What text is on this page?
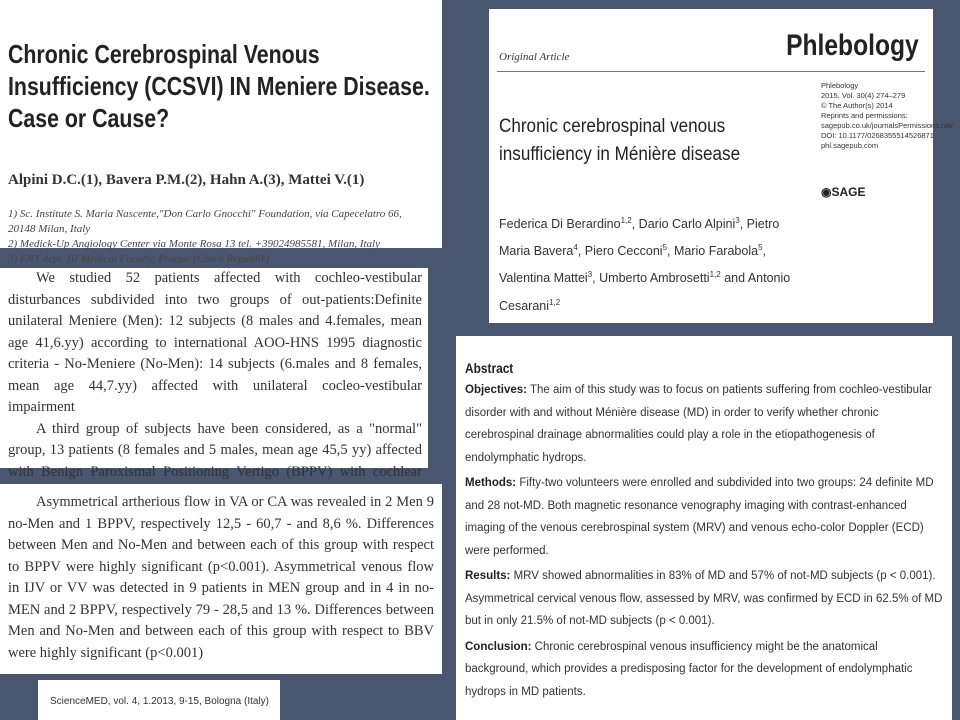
Chronic Cerebrospinal Venous Insufficiency (CCSVI) IN Meniere Disease. Case or Cause?
Alpini D.C.(1), Bavera P.M.(2), Hahn A.(3), Mattei V.(1)
1) Sc. Institute S. Maria Nascente,"Don Carlo Gnocchi" Foundation, via Capecelatro 66, 20148 Milan, Italy
2) Medick-Up Angiology Center via Monte Rosa 13 tel. +39024985581, Milan, Italy
3) ENT dept. III Medical Faculty, Prague (Czech Republik)

We studied 52 patients affected with cochleo-vestibular disturbances subdivided into two groups of out-patients:Definite unilateral Meniere (Men): 12 subjects (8 males and 4.females, mean age 41,6.yy) according to international AOO-HNS 1995 diagnostic criteria - No-Meniere (No-Men): 14 subjects (6.males and 8 females, mean age 44,7.yy) affected with unilateral cocleo-vestibular impairment

A third group of subjects have been considered, as a "normal" group, 13 patients (8 females and 5 males, mean age 45,5 yy) affected with Benign Paroxismal Positioning Vertigo (BPPV) with cochlear

Asymmetrical artherious flow in VA or CA was revealed in 2 Men 9 no-Men and 1 BPPV, respectively 12,5 - 60,7 - and 8,6 %. Differences between Men and No-Men and between each of this group with respect to BPPV were highly significant (p<0.001). Asymmetrical venous flow in IJV or VV was detected in 9 patients in MEN group and in 4 in no-MEN and 2 BPPV, respectively 79 - 28,5 and 13 %. Differences between Men and No-Men and between each of this group with respect to BBV were highly significant (p<0.001)

ScienceMED, vol. 4, 1.2013, 9-15, Bologna (Italy)
Original Article	Phlebology
Phlebology
2015, Vol. 30(4) 274–279
© The Author(s) 2014
Reprints and permissions:
sagepub.co.uk/journalsPermissions.nav
DOI: 10.1177/0268355514526871
phl.sagepub.com
◉SAGE
Chronic cerebrospinal venous insufficiency in Ménière disease
Federica Di Berardino$^{1,2}$, Dario Carlo Alpini$^3$, Pietro Maria Bavera$^4$, Piero Cecconi$^5$, Mario Farabola$^5$, Valentina Mattei$^3$, Umberto Ambrosetti$^{1,2}$ and Antonio Cesarani$^{1,2}$
Abstract

Objectives: The aim of this study was to focus on patients suffering from cochleo-vestibular disorder with and without Ménière disease (MD) in order to verify whether chronic cerebrospinal drainage abnormalities could play a role in the etiopathogenesis of endolymphatic hydrops.

Methods: Fifty-two volunteers were enrolled and subdivided into two groups: 24 definite MD and 28 not-MD. Both magnetic resonance venography imaging with contrast-enhanced imaging of the venous cerebrospinal system (MRV) and venous echo-color Doppler (ECD) were performed.

Results: MRV showed abnormalities in 83% of MD and 57% of not-MD subjects (p < 0.001). Asymmetrical cervical venous flow, assessed by MRV, was confirmed by ECD in 62.5% of MD but in only 21.5% of not-MD subjects (p < 0.001).

Conclusion: Chronic cerebrospinal venous insufficiency might be the anatomical background, which provides a predisposing factor for the development of endolymphatic hydrops in MD patients.
